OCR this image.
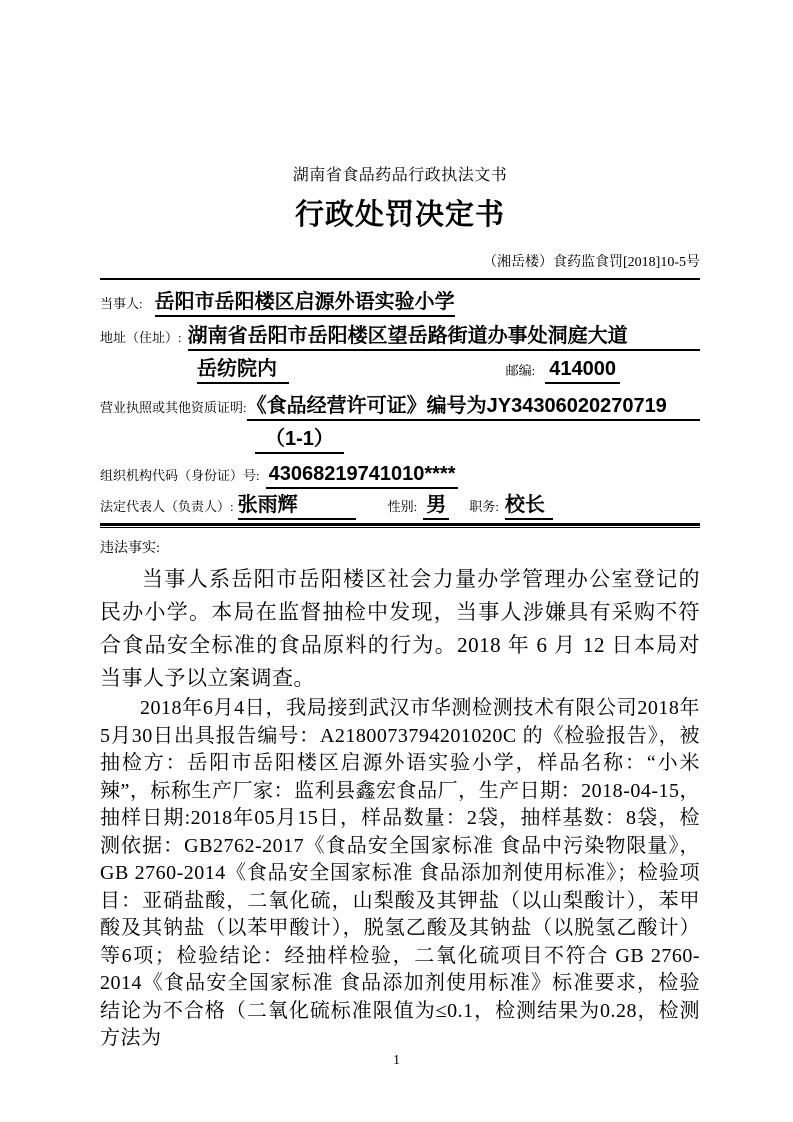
湖南省食品药品行政执法文书
行政处罚决定书
（湘岳楼）食药监食罚[2018]10-5号
当事人: 岳阳市岳阳楼区启源外语实验小学
地址（住址）: 湖南省岳阳市岳阳楼区望岳路街道办事处洞庭大道
岳纺院内	邮编: 414000
营业执照或其他资质证明: 《食品经营许可证》编号为JY34306020270719
（1-1）
组织机构代码（身份证）号: 43068219741010****
法定代表人（负责人）: 张雨辉	性别: 男 职务: 校长
违法事实:
当事人系岳阳市岳阳楼区社会力量办学管理办公室登记的民办小学。本局在监督抽检中发现，当事人涉嫌具有采购不符合食品安全标准的食品原料的行为。2018 年 6 月 12 日本局对当事人予以立案调查。
2018年6月4日，我局接到武汉市华测检测技术有限公司2018年5月30日出具报告编号：A2180073794201020C 的《检验报告》，被抽检方：岳阳市岳阳楼区启源外语实验小学，样品名称：“小米辣”，标称生产厂家：监利县鑫宏食品厂，生产日期：2018-04-15，抽样日期:2018年05月15日，样品数量：2袋，抽样基数：8袋，检测依据：GB2762-2017《食品安全国家标准 食品中污染物限量》，GB 2760-2014《食品安全国家标准 食品添加剂使用标准》；检验项目：亚硝盐酸，二氧化硫，山梨酸及其钾盐（以山梨酸计），苯甲酸及其钠盐（以苯甲酸计），脱氢乙酸及其钠盐（以脱氢乙酸计）等6项；检验结论：经抽样检验，二氧化硫项目不符合 GB 2760-2014《食品安全国家标准 食品添加剂使用标准》标准要求，检验结论为不合格（二氧化硫标准限值为≤0.1，检测结果为0.28，检测方法为
1
